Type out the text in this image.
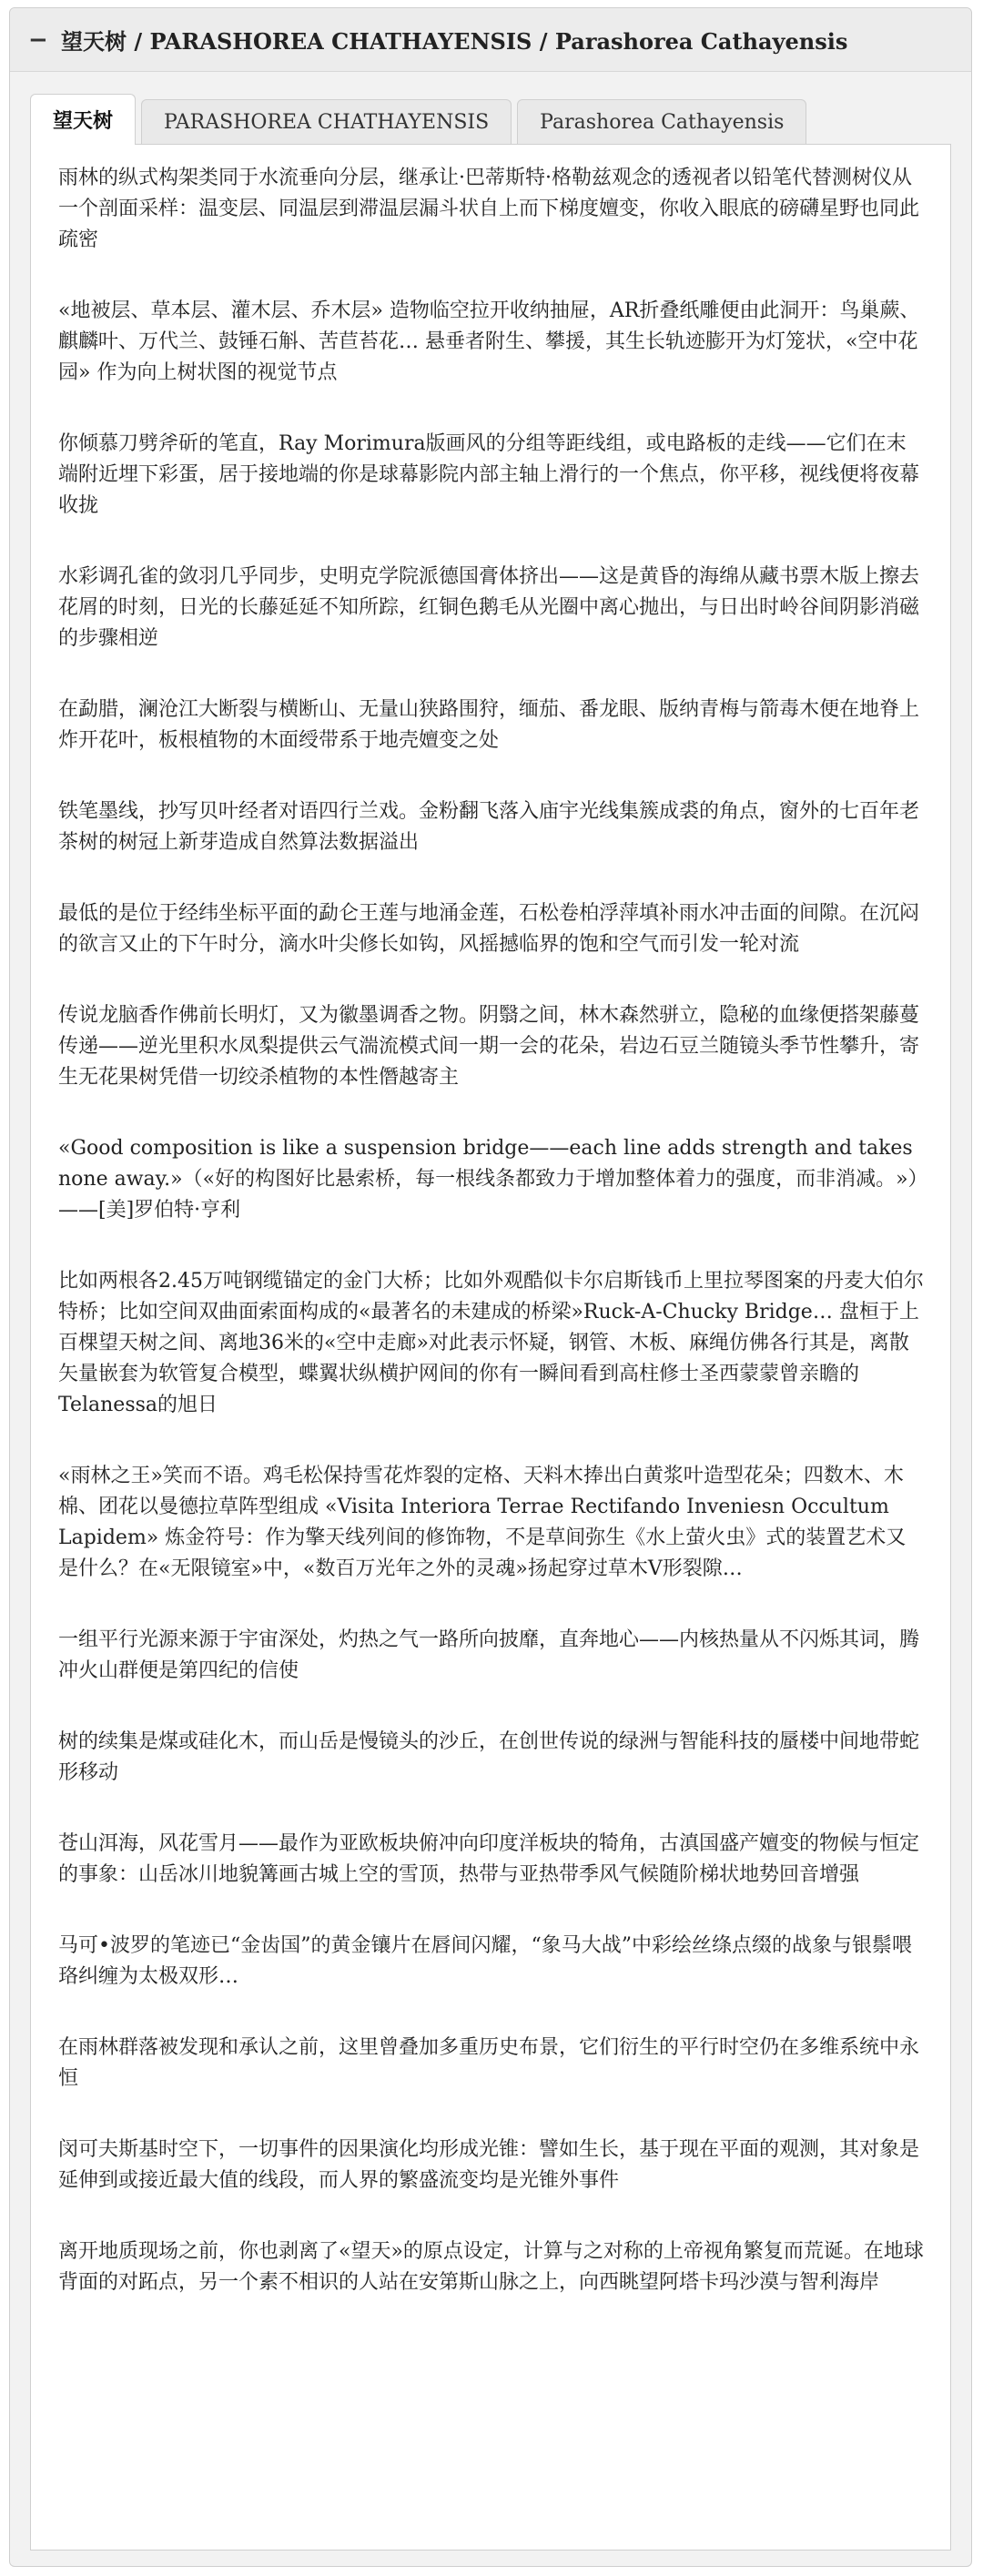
− 望天树 / PARASHOREA CHATHAYENSIS / Parashorea Cathayensis
望天树	PARASHOREA CHATHAYENSIS	Parashorea Cathayensis

雨林的纵式构架类同于水流垂向分层，继承让·巴蒂斯特·格勒兹观念的透视者以铅笔代替测树仪从一个剖面采样：温变层、同温层到滞温层漏斗状自上而下梯度嬗变，你收入眼底的磅礴星野也同此疏密

«地被层、草本层、灌木层、乔木层» 造物临空拉开收纳抽屉，AR折叠纸雕便由此洞开：鸟巢蕨、麒麟叶、万代兰、鼓锤石斛、苦苣苔花… 悬垂者附生、攀援，其生长轨迹膨开为灯笼状，«空中花园» 作为向上树状图的视觉节点

你倾慕刀劈斧斫的笔直，Ray Morimura版画风的分组等距线组，或电路板的走线——它们在末端附近埋下彩蛋，居于接地端的你是球幕影院内部主轴上滑行的一个焦点，你平移，视线便将夜幕收拢

水彩调孔雀的敛羽几乎同步，史明克学院派德国膏体挤出——这是黄昏的海绵从藏书票木版上擦去花屑的时刻，日光的长藤延延不知所踪，红铜色鹅毛从光圈中离心抛出，与日出时岭谷间阴影消磁的步骤相逆

在勐腊，澜沧江大断裂与横断山、无量山狭路围狩，缅茄、番龙眼、版纳青梅与箭毒木便在地脊上炸开花叶，板根植物的木面绶带系于地壳嬗变之处

铁笔墨线，抄写贝叶经者对语四行兰戏。金粉翻飞落入庙宇光线集簇成裘的角点，窗外的七百年老茶树的树冠上新芽造成自然算法数据溢出

最低的是位于经纬坐标平面的勐仑王莲与地涌金莲，石松卷柏浮萍填补雨水冲击面的间隙。在沉闷的欲言又止的下午时分，滴水叶尖修长如钩，风摇撼临界的饱和空气而引发一轮对流

传说龙脑香作佛前长明灯，又为徽墨调香之物。阴翳之间，林木森然骈立，隐秘的血缘便搭架藤蔓传递——逆光里积水凤梨提供云气湍流模式间一期一会的花朵，岩边石豆兰随镜头季节性攀升，寄生无花果树凭借一切绞杀植物的本性僭越寄主

«Good composition is like a suspension bridge——each line adds strength and takes none away.»（«好的构图好比悬索桥，每一根线条都致力于增加整体着力的强度，而非消减。»）——[美]罗伯特·亨利

比如两根各2.45万吨钢缆锚定的金门大桥；比如外观酷似卡尔启斯钱币上里拉琴图案的丹麦大伯尔特桥；比如空间双曲面索面构成的«最著名的未建成的桥梁»Ruck-A-Chucky Bridge… 盘桓于上百棵望天树之间、离地36米的«空中走廊»对此表示怀疑，钢管、木板、麻绳仿佛各行其是，离散矢量嵌套为软管复合模型，蝶翼状纵横护网间的你有一瞬间看到高柱修士圣西蒙蒙曾亲瞻的Telanessa的旭日

«雨林之王»笑而不语。鸡毛松保持雪花炸裂的定格、天料木捧出白黄浆叶造型花朵；四数木、木棉、团花以曼德拉草阵型组成 «Visita Interiora Terrae Rectifando Inveniesn Occultum Lapidem» 炼金符号：作为擎天线列间的修饰物，不是草间弥生《水上萤火虫》式的装置艺术又是什么？在«无限镜室»中，«数百万光年之外的灵魂»扬起穿过草木V形裂隙…

一组平行光源来源于宇宙深处，灼热之气一路所向披靡，直奔地心——内核热量从不闪烁其词，腾冲火山群便是第四纪的信使

树的续集是煤或硅化木，而山岳是慢镜头的沙丘，在创世传说的绿洲与智能科技的蜃楼中间地带蛇形移动

苍山洱海，风花雪月——最作为亚欧板块俯冲向印度洋板块的犄角，古滇国盛产嬗变的物候与恒定的事象：山岳冰川地貌篝画古城上空的雪顶，热带与亚热带季风气候随阶梯状地势回音增强

马可•波罗的笔迹已“金齿国”的黄金镶片在唇间闪耀，“象马大战”中彩绘丝绦点缀的战象与银鬃喂珞纠缠为太极双形…

在雨林群落被发现和承认之前，这里曾叠加多重历史布景，它们衍生的平行时空仍在多维系统中永恒

闵可夫斯基时空下，一切事件的因果演化均形成光锥：譬如生长，基于现在平面的观测，其对象是延伸到或接近最大值的线段，而人界的繁盛流变均是光锥外事件

离开地质现场之前，你也剥离了«望天»的原点设定，计算与之对称的上帝视角繁复而荒诞。在地球背面的对跖点，另一个素不相识的人站在安第斯山脉之上，向西眺望阿塔卡玛沙漠与智利海岸
